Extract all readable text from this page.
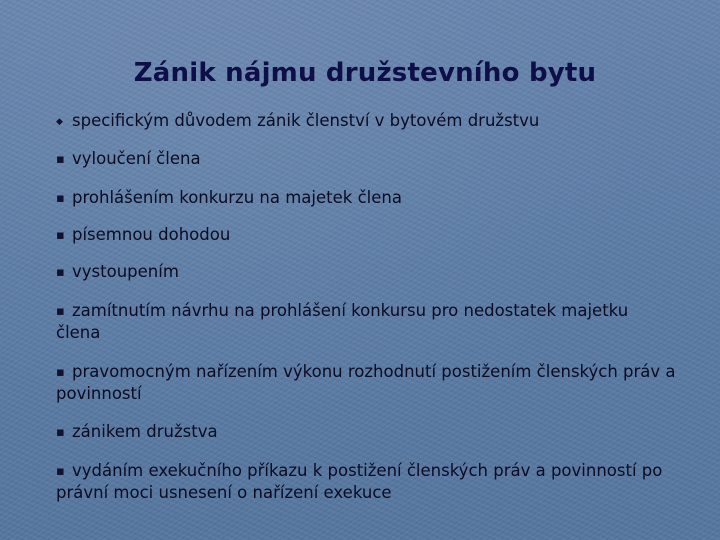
Zánik nájmu družstevního bytu
◆ specifickým důvodem zánik členství v bytovém družstvu
▪ vyloučení člena
▪ prohlášením konkurzu na majetek člena
▪ písemnou dohodou
▪ vystoupením
▪ zamítnutím návrhu na prohlášení konkursu pro nedostatek majetku člena
▪ pravomocným nařízením výkonu rozhodnutí postižením členských práv a povinností
▪ zánikem družstva
▪ vydáním exekučního příkazu k postižení členských práv a povinností po právní moci usnesení o nařízení exekuce
